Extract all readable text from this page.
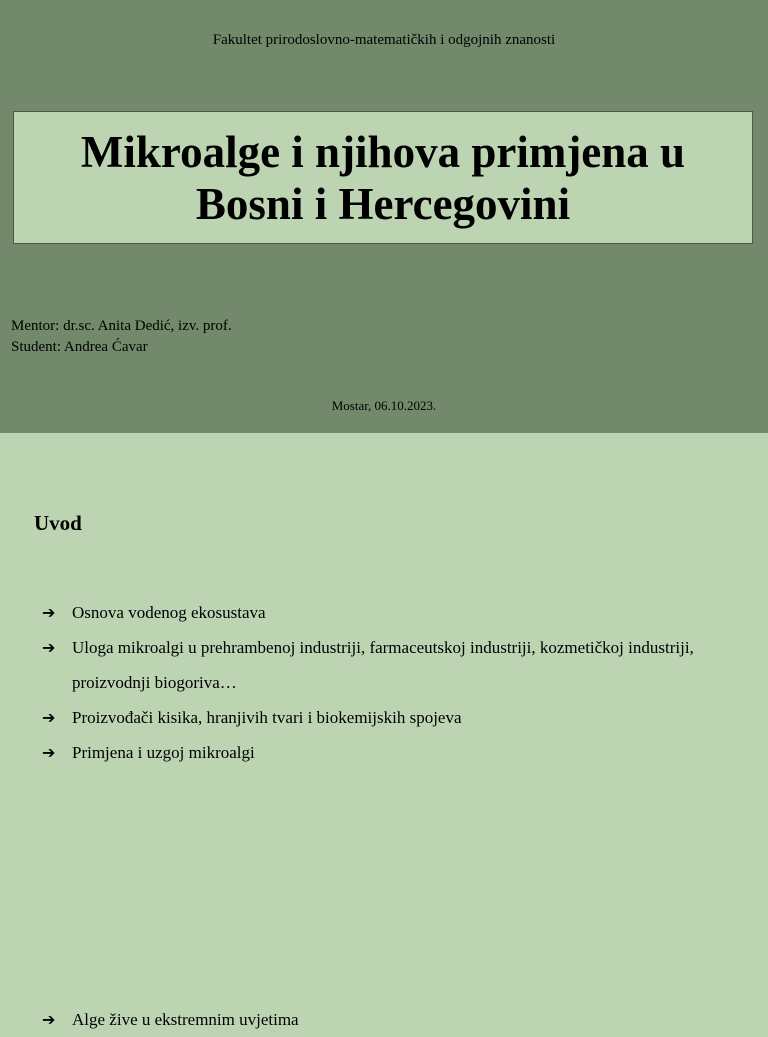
Fakultet prirodoslovno-matematičkih i odgojnih znanosti
Mikroalge i njihova primjena u
Bosni i Hercegovini
Mentor: dr.sc. Anita Dedić, izv. prof.
Student: Andrea Ćavar
Mostar, 06.10.2023.
Uvod
➔ Osnova vodenog ekosustava
➔ Uloga mikroalgi u prehrambenoj industriji, farmaceutskoj industriji, kozmetičkoj industriji, proizvodnji biogoriva…
➔ Proizvođači kisika, hranjivih tvari i biokemijskih spojeva
➔ Primjena i uzgoj mikroalgi
➔ Alge žive u ekstremnim uvjetima
